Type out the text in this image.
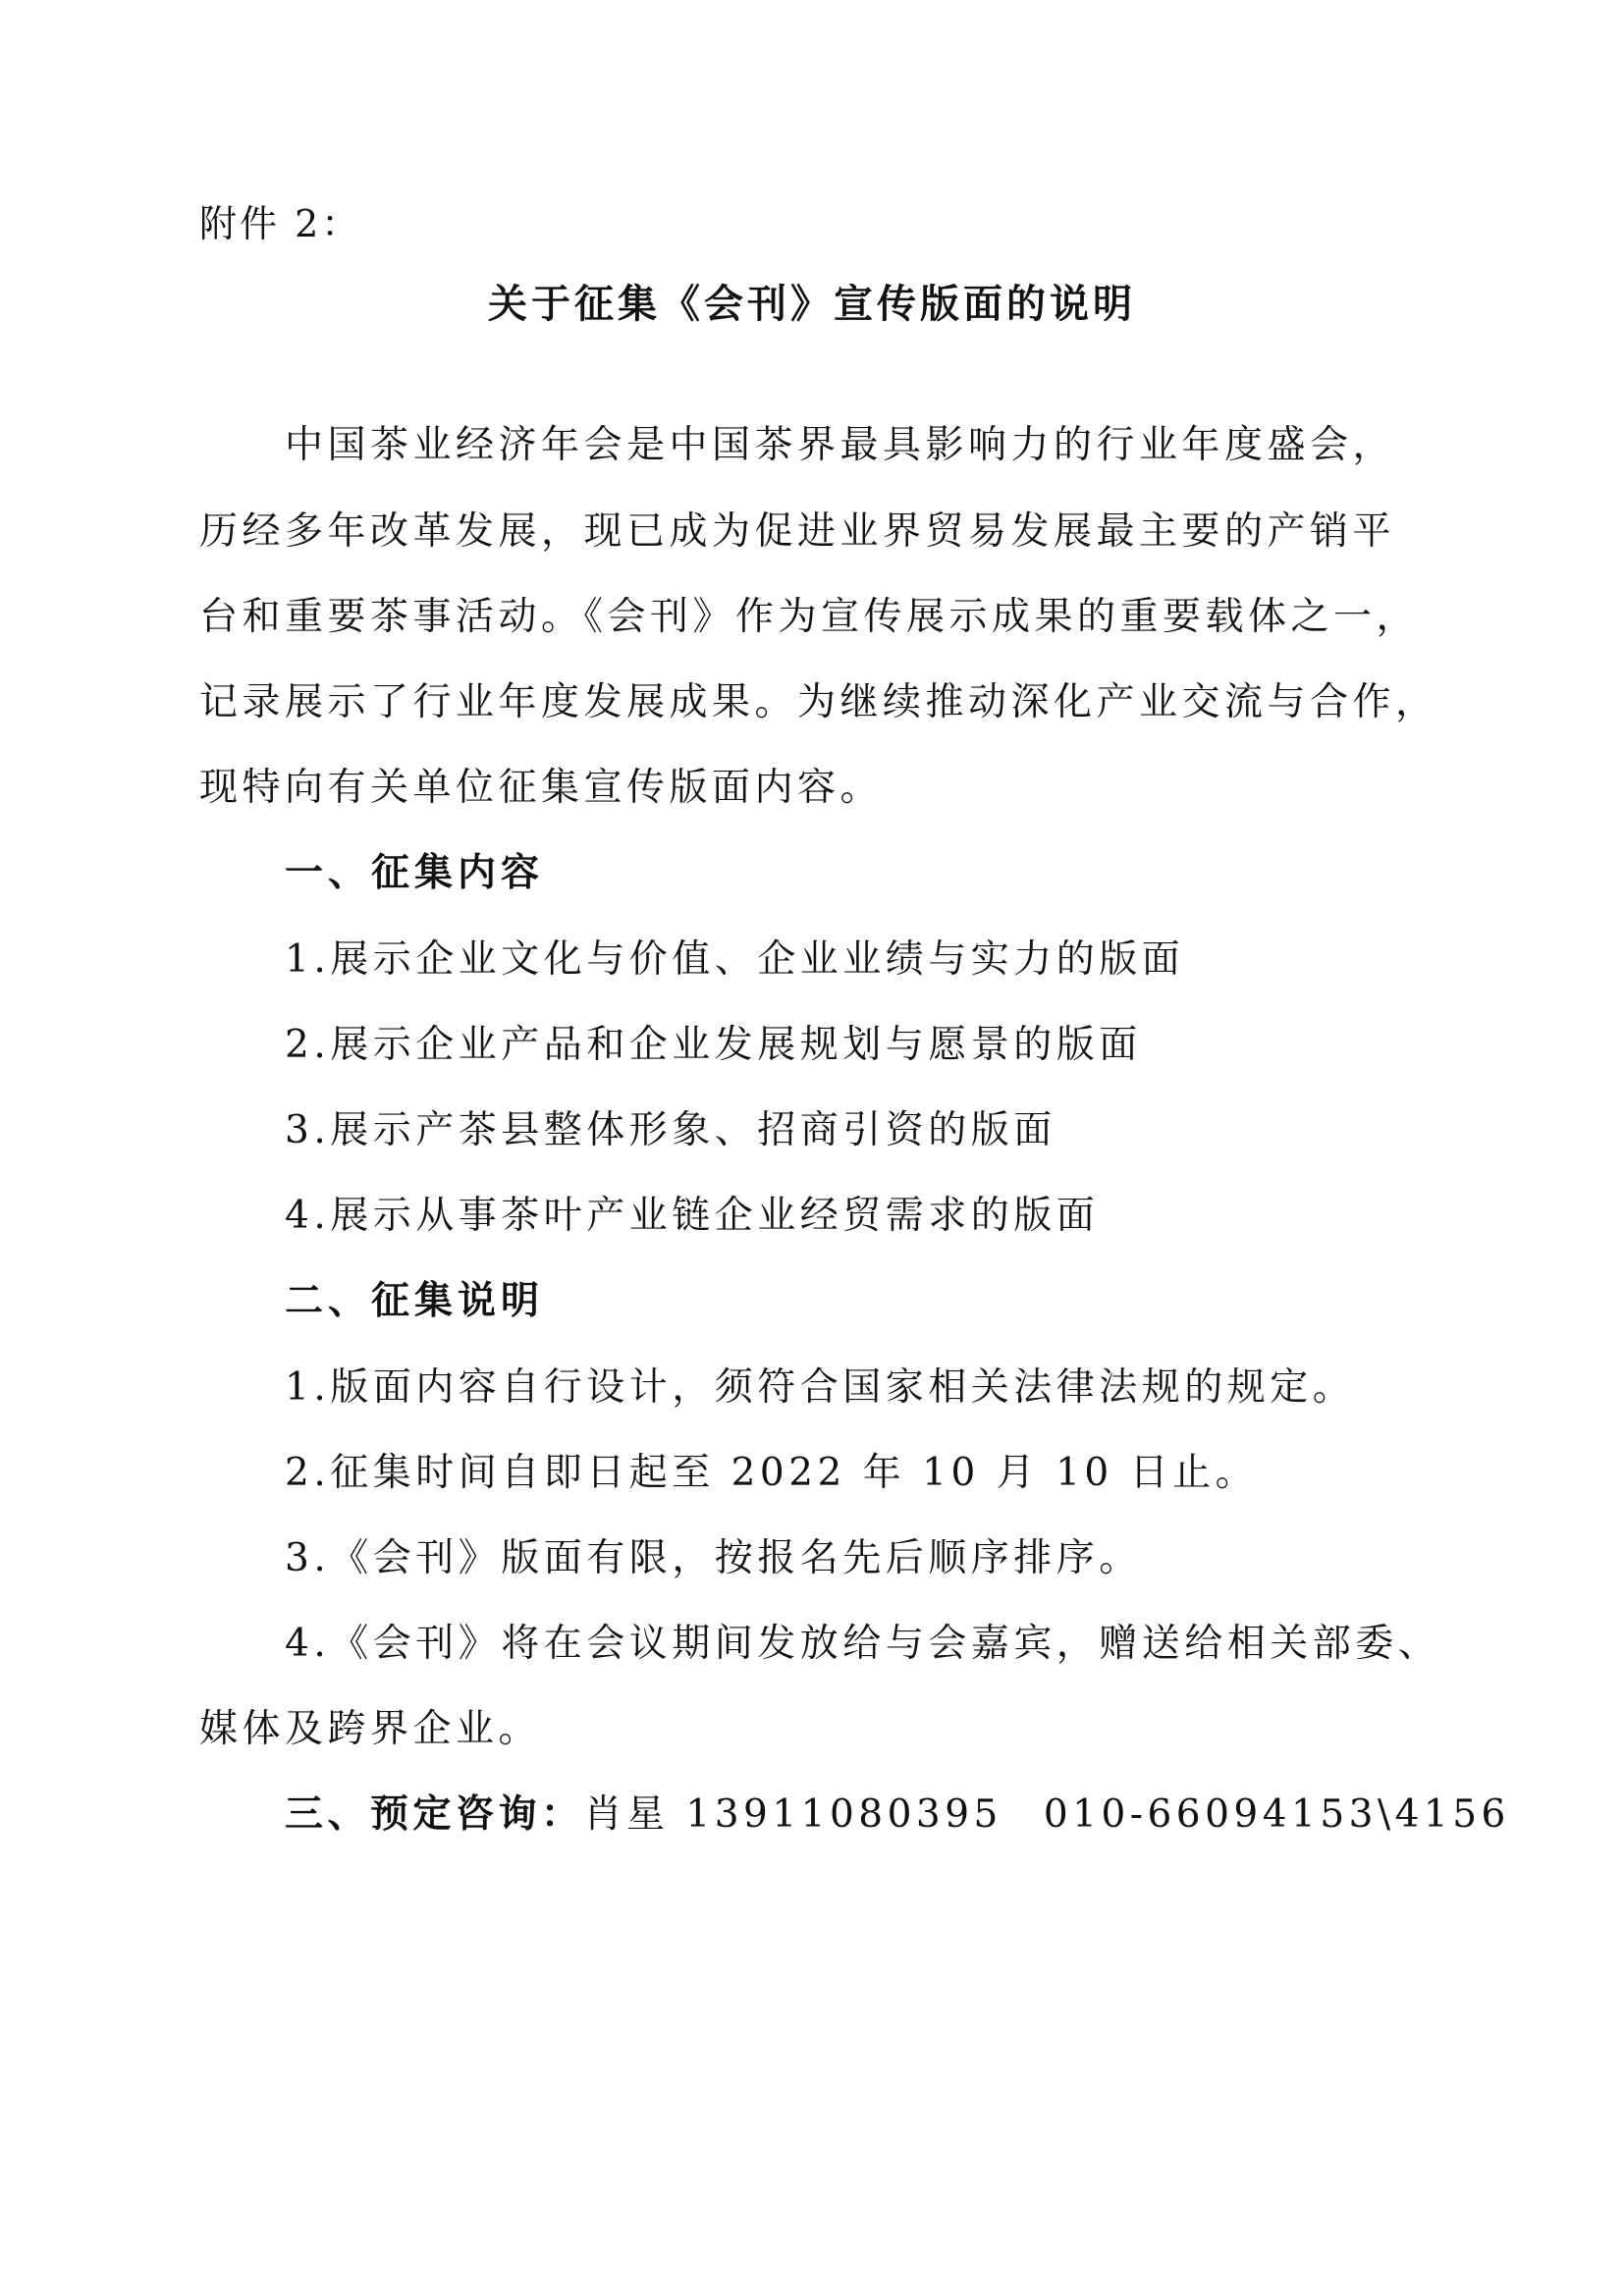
附件 2：
关于征集《会刊》宣传版面的说明
中国茶业经济年会是中国茶界最具影响力的行业年度盛会，
历经多年改革发展，现已成为促进业界贸易发展最主要的产销平
台和重要茶事活动。《会刊》作为宣传展示成果的重要载体之一，
记录展示了行业年度发展成果。为继续推动深化产业交流与合作，
现特向有关单位征集宣传版面内容。
一、征集内容
1.展示企业文化与价值、企业业绩与实力的版面
2.展示企业产品和企业发展规划与愿景的版面
3.展示产茶县整体形象、招商引资的版面
4.展示从事茶叶产业链企业经贸需求的版面
二、征集说明
1.版面内容自行设计，须符合国家相关法律法规的规定。
2.征集时间自即日起至 2022 年 10 月 10 日止。
3.《会刊》版面有限，按报名先后顺序排序。
4.《会刊》将在会议期间发放给与会嘉宾，赠送给相关部委、
媒体及跨界企业。
三、预定咨询：肖星 13911080395 010-66094153\4156
